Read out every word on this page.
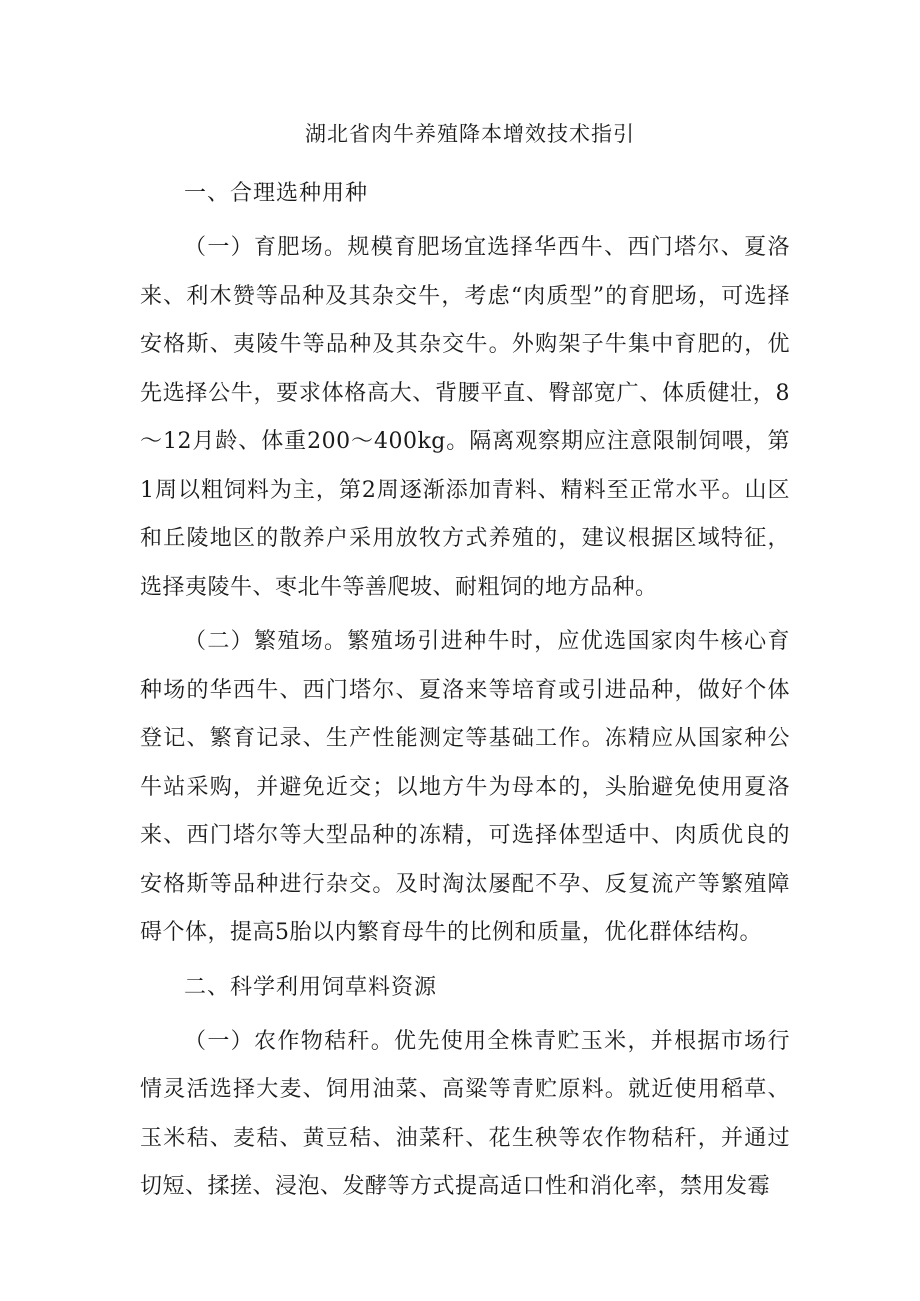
湖北省肉牛养殖降本增效技术指引

一、合理选种用种

（一）育肥场。规模育肥场宜选择华西牛、西门塔尔、夏洛来、利木赞等品种及其杂交牛，考虑“肉质型”的育肥场，可选择安格斯、夷陵牛等品种及其杂交牛。外购架子牛集中育肥的，优先选择公牛，要求体格高大、背腰平直、臀部宽广、体质健壮，8～12月龄、体重200～400kg。隔离观察期应注意限制饲喂，第1周以粗饲料为主，第2周逐渐添加青料、精料至正常水平。山区和丘陵地区的散养户采用放牧方式养殖的，建议根据区域特征，选择夷陵牛、枣北牛等善爬坡、耐粗饲的地方品种。

（二）繁殖场。繁殖场引进种牛时，应优选国家肉牛核心育种场的华西牛、西门塔尔、夏洛来等培育或引进品种，做好个体登记、繁育记录、生产性能测定等基础工作。冻精应从国家种公牛站采购，并避免近交；以地方牛为母本的，头胎避免使用夏洛来、西门塔尔等大型品种的冻精，可选择体型适中、肉质优良的安格斯等品种进行杂交。及时淘汰屡配不孕、反复流产等繁殖障碍个体，提高5胎以内繁育母牛的比例和质量，优化群体结构。

二、科学利用饲草料资源

（一）农作物秸秆。优先使用全株青贮玉米，并根据市场行情灵活选择大麦、饲用油菜、高粱等青贮原料。就近使用稻草、玉米秸、麦秸、黄豆秸、油菜秆、花生秧等农作物秸秆，并通过切短、揉搓、浸泡、发酵等方式提高适口性和消化率，禁用发霉
